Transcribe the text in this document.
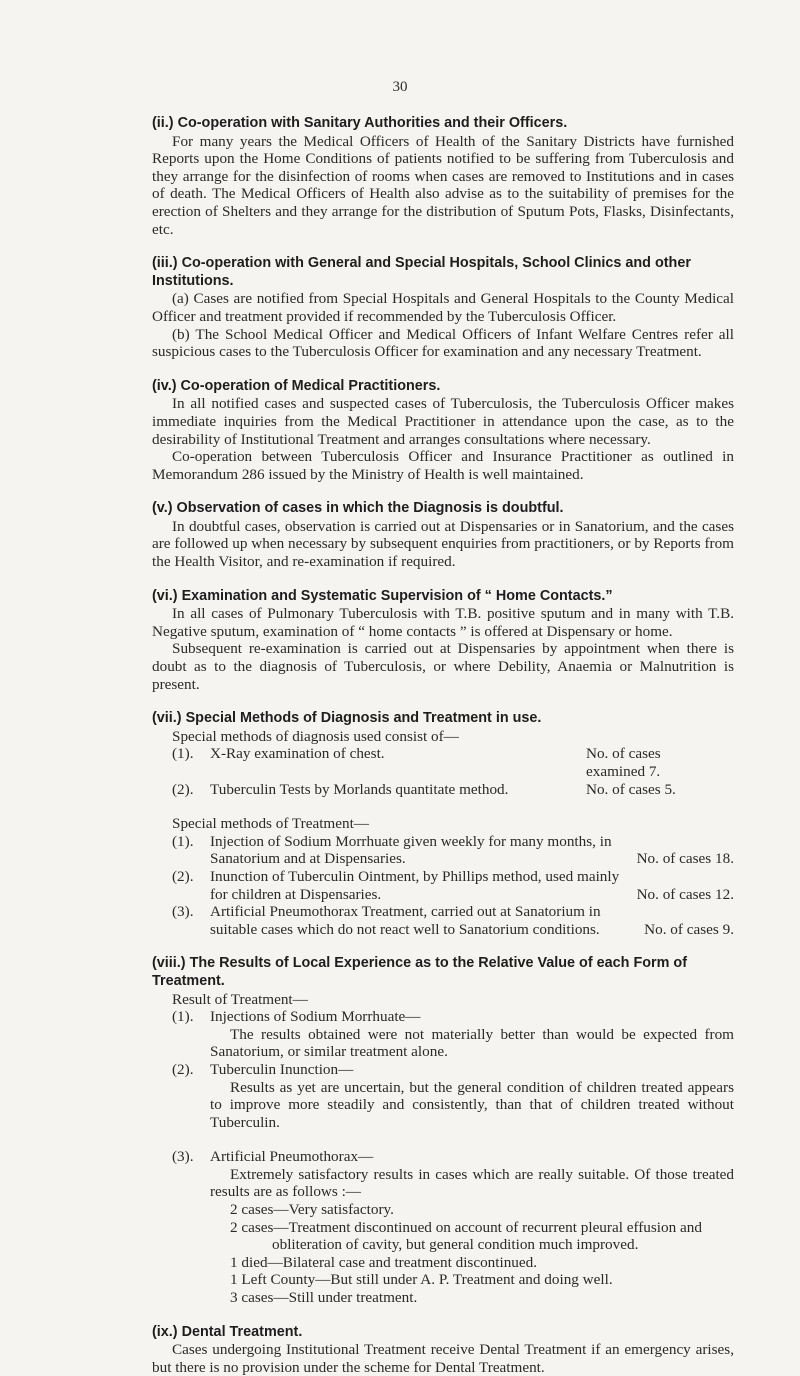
30

(ii.) Co-operation with Sanitary Authorities and their Officers.

For many years the Medical Officers of Health of the Sanitary Districts have furnished Reports upon the Home Conditions of patients notified to be suffering from Tuberculosis and they arrange for the disinfection of rooms when cases are removed to Institutions and in cases of death. The Medical Officers of Health also advise as to the suitability of premises for the erection of Shelters and they arrange for the distribution of Sputum Pots, Flasks, Disinfectants, etc.

(iii.) Co-operation with General and Special Hospitals, School Clinics and other Institutions.

(a) Cases are notified from Special Hospitals and General Hospitals to the County Medical Officer and treatment provided if recommended by the Tuberculosis Officer.

(b) The School Medical Officer and Medical Officers of Infant Welfare Centres refer all suspicious cases to the Tuberculosis Officer for examination and any necessary Treatment.

(iv.) Co-operation of Medical Practitioners.

In all notified cases and suspected cases of Tuberculosis, the Tuberculosis Officer makes immediate inquiries from the Medical Practitioner in attendance upon the case, as to the desirability of Institutional Treatment and arranges consultations where necessary.

Co-operation between Tuberculosis Officer and Insurance Practitioner as outlined in Memorandum 286 issued by the Ministry of Health is well maintained.

(v.) Observation of cases in which the Diagnosis is doubtful.

In doubtful cases, observation is carried out at Dispensaries or in Sanatorium, and the cases are followed up when necessary by subsequent enquiries from practitioners, or by Reports from the Health Visitor, and re-examination if required.

(vi.) Examination and Systematic Supervision of “ Home Contacts.”

In all cases of Pulmonary Tuberculosis with T.B. positive sputum and in many with T.B. Negative sputum, examination of “ home contacts ” is offered at Dispensary or home.

Subsequent re-examination is carried out at Dispensaries by appointment when there is doubt as to the diagnosis of Tuberculosis, or where Debility, Anaemia or Malnutrition is present.

(vii.) Special Methods of Diagnosis and Treatment in use.

Special methods of diagnosis used consist of—

(1).	X-Ray examination of chest.	No. of cases
examined 7.
(2).	Tuberculin Tests by Morlands quantitate method.	No. of cases 5.

Special methods of Treatment—

(1).	Injection of Sodium Morrhuate given weekly for many months, in
Sanatorium and at Dispensaries.	No. of cases 18.
(2).	Inunction of Tuberculin Ointment, by Phillips method, used mainly
for children at Dispensaries.	No. of cases 12.
(3).	Artificial Pneumothorax Treatment, carried out at Sanatorium in
suitable cases which do not react well to Sanatorium conditions.	No. of cases 9.

(viii.) The Results of Local Experience as to the Relative Value of each Form of Treatment.

Result of Treatment—

(1).	Injections of Sodium Morrhuate—

The results obtained were not materially better than would be expected from Sanatorium, or similar treatment alone.

(2).	Tuberculin Inunction—

Results as yet are uncertain, but the general condition of children treated appears to improve more steadily and consistently, than that of children treated without Tuberculin.

(3).	Artificial Pneumothorax—

Extremely satisfactory results in cases which are really suitable. Of those treated results are as follows :—

2 cases—Very satisfactory.

2 cases—Treatment discontinued on account of recurrent pleural effusion and

obliteration of cavity, but general condition much improved.

1 died—Bilateral case and treatment discontinued.

1 Left County—But still under A. P. Treatment and doing well.

3 cases—Still under treatment.

(ix.) Dental Treatment.

Cases undergoing Institutional Treatment receive Dental Treatment if an emergency arises, but there is no provision under the scheme for Dental Treatment.
